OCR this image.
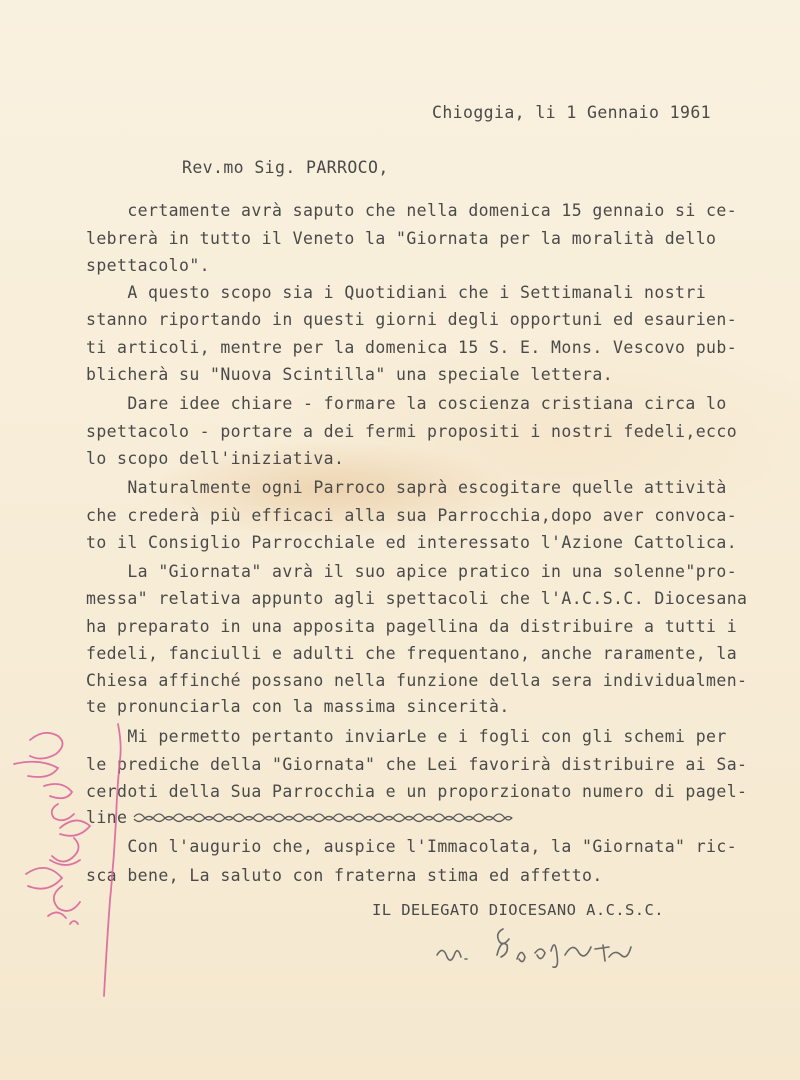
Chioggia, li 1 Gennaio 1961

Rev.mo Sig. PARROCO,

certamente avrà saputo che nella domenica 15 gennaio si ce-

lebrerà in tutto il Veneto la "Giornata per la moralità dello

spettacolo".

A questo scopo sia i Quotidiani che i Settimanali nostri

stanno riportando in questi giorni degli opportuni ed esaurien-

ti articoli, mentre per la domenica 15 S. E. Mons. Vescovo pub-

blicherà su "Nuova Scintilla" una speciale lettera.

Dare idee chiare - formare la coscienza cristiana circa lo

spettacolo - portare a dei fermi propositi i nostri fedeli,ecco

lo scopo dell'iniziativa.

Naturalmente ogni Parroco saprà escogitare quelle attività

che crederà più efficaci alla sua Parrocchia,dopo aver convoca-

to il Consiglio Parrocchiale ed interessato l'Azione Cattolica.

La "Giornata" avrà il suo apice pratico in una solenne"pro-

messa" relativa appunto agli spettacoli che l'A.C.S.C. Diocesana

ha preparato in una apposita pagellina da distribuire a tutti i

fedeli, fanciulli e adulti che frequentano, anche raramente, la

Chiesa affinché possano nella funzione della sera individualmen-

te pronunciarla con la massima sincerità.

Mi permetto pertanto inviarLe e i fogli con gli schemi per

le prediche della "Giornata" che Lei favorirà distribuire ai Sa-

cerdoti della Sua Parrocchia e un proporzionato numero di pagel-

line

Con l'augurio che, auspice l'Immacolata, la "Giornata" ric-

sca bene, La saluto con fraterna stima ed affetto.

IL DELEGATO DIOCESANO A.C.S.C.
